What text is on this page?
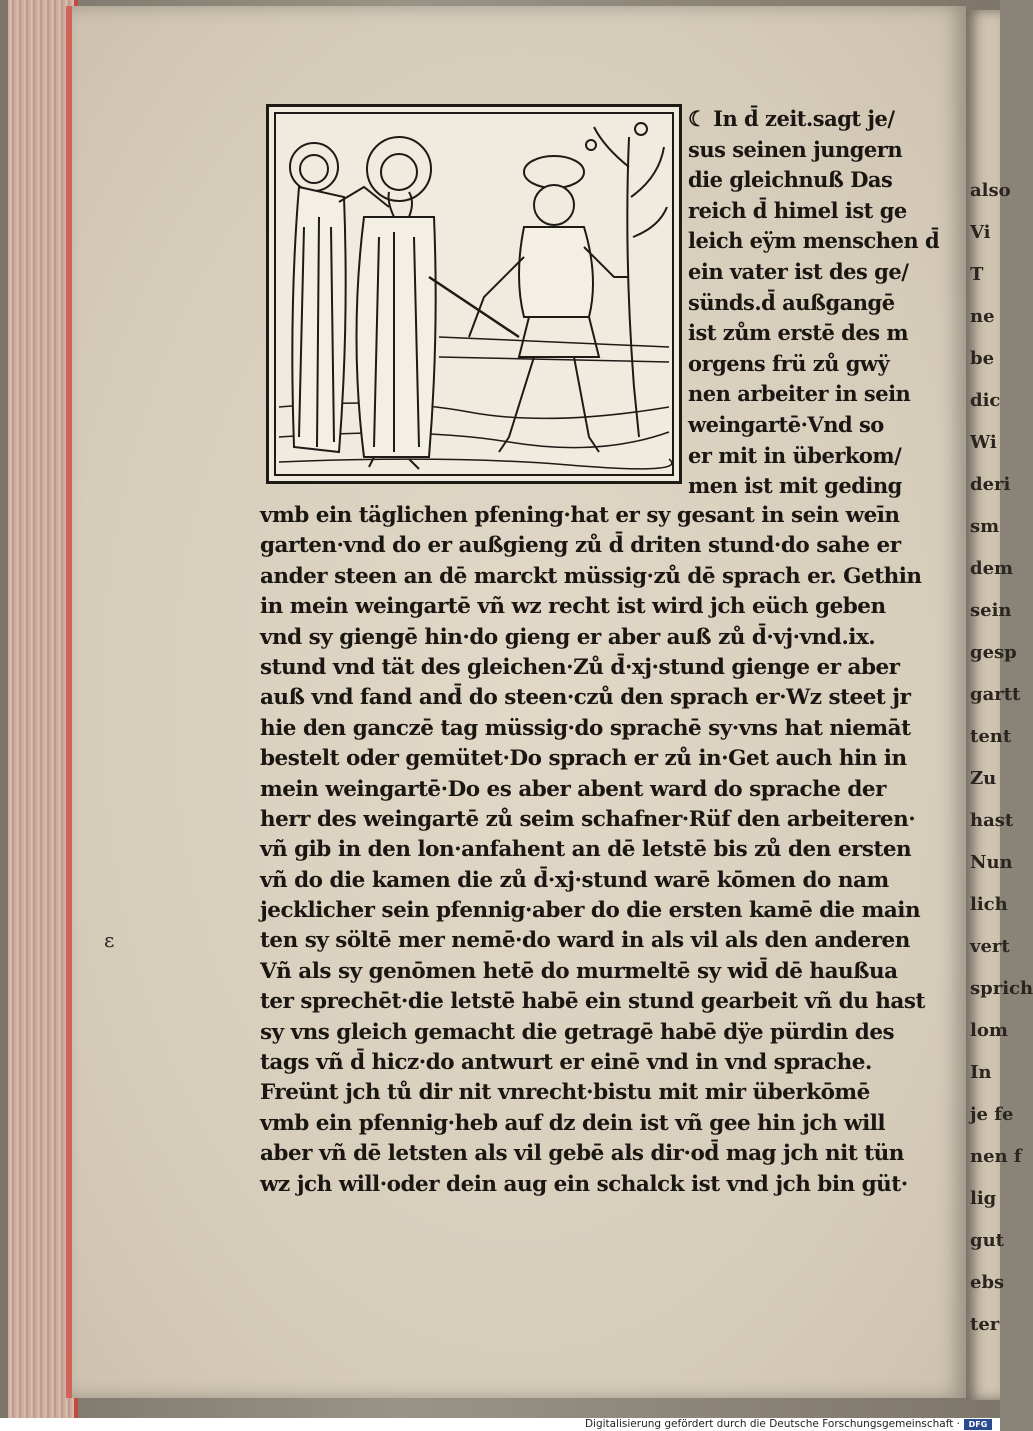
also
Vi
T
ne
be
dic
Wi
deri
sm
dem
sein
gesp
gartt
tent
Zu
hast
Nun
lich
vert
sprich
lom
In
je fe
nen f
lig
gut
ebs
ter
☾ In d̄ zeit.sagt je/
sus seinen jungern
die gleichnuß Das
reich d̄ himel ist ge
leich eÿm menschen d̄
ein vater ist des ge/
sünds.d̄ außgangē
ist zům erstē des m
orgens frü zů gwÿ
nen arbeiter in sein
weingartē·Vnd so
er mit in überkom/
men ist mit geding
vmb ein täglichen pfening·hat er sy gesant in sein weīn
garten·vnd do er außgieng zů d̄ driten stund·do sahe er
ander steen an dē marckt müssig·zů dē sprach er. Gethin
in mein weingartē vñ wz recht ist wird jch eüch geben
vnd sy giengē hin·do gieng er aber auß zů d̄·vj·vnd.ix.
stund vnd tät des gleichen·Zů d̄·xj·stund gienge er aber
auß vnd fand and̄ do steen·czů den sprach er·Wz steet jr
hie den ganczē tag müssig·do sprachē sy·vns hat niemāt
bestelt oder gemütet·Do sprach er zů in·Get auch hin in
mein weingartē·Do es aber abent ward do sprache der
herr des weingartē zů seim schafner·Rüf den arbeiteren·
vñ gib in den lon·anfahent an dē letstē bis zů den ersten
vñ do die kamen die zů d̄·xj·stund warē kōmen do nam
jecklicher sein pfennig·aber do die ersten kamē die main
ten sy söltē mer nemē·do ward in als vil als den anderen
Vñ als sy genōmen hetē do murmeltē sy wid̄ dē haußua
ter sprechēt·die letstē habē ein stund gearbeit vñ du hast
sy vns gleich gemacht die getragē habē dÿe pürdin des
tags vñ d̄ hicz·do antwurt er einē vnd in vnd sprache.
Freünt jch tů dir nit vnrecht·bistu mit mir überkōmē
vmb ein pfennig·heb auf dz dein ist vñ gee hin jch will
aber vñ dē letsten als vil gebē als dir·od̄ mag jch nit tün
wz jch will·oder dein aug ein schalck ist vnd jch bin güt·
ɛ
Digitalisierung gefördert durch die Deutsche Forschungsgemeinschaft ·	DFG
